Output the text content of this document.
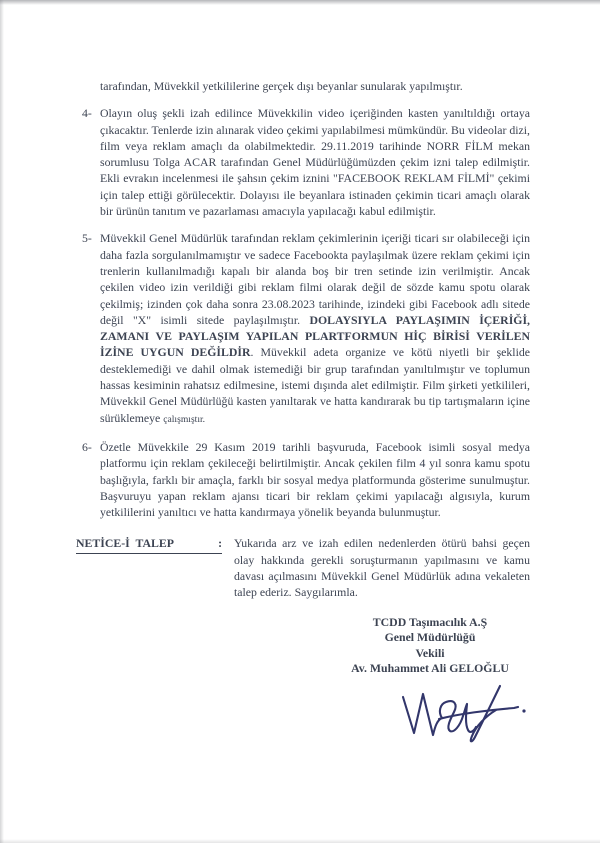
tarafından, Müvekkil yetkililerine gerçek dışı beyanlar sunularak yapılmıştır.

4- Olayın oluş şekli izah edilince Müvekkilin video içeriğinden kasten yanıltıldığı ortaya çıkacaktır. Tenlerde izin alınarak video çekimi yapılabilmesi mümkündür. Bu videolar dizi, film veya reklam amaçlı da olabilmektedir. 29.11.2019 tarihinde NORR FİLM mekan sorumlusu Tolga ACAR tarafından Genel Müdürlüğümüzden çekim izni talep edilmiştir. Ekli evrakın incelenmesi ile şahsın çekim iznini "FACEBOOK REKLAM FİLMİ" çekimi için talep ettiği görülecektir. Dolayısı ile beyanlara istinaden çekimin ticari amaçlı olarak bir ürünün tanıtım ve pazarlaması amacıyla yapılacağı kabul edilmiştir.
5- Müvekkil Genel Müdürlük tarafından reklam çekimlerinin içeriği ticari sır olabileceği için daha fazla sorgulanılmamıştır ve sadece Facebookta paylaşılmak üzere reklam çekimi için trenlerin kullanılmadığı kapalı bir alanda boş bir tren setinde izin verilmiştir. Ancak çekilen video izin verildiği gibi reklam filmi olarak değil de sözde kamu spotu olarak çekilmiş; izinden çok daha sonra 23.08.2023 tarihinde, izindeki gibi Facebook adlı sitede değil "X" isimli sitede paylaşılmıştır. DOLAYSIYLA PAYLAŞIMIN İÇERİĞİ, ZAMANI VE PAYLAŞIM YAPILAN PLARTFORMUN HİÇ BİRİSİ VERİLEN İZİNE UYGUN DEĞİLDİR. Müvekkil adeta organize ve kötü niyetli bir şeklide desteklemediği ve dahil olmak istemediği bir grup tarafından yanıltılmıştır ve toplumun hassas kesiminin rahatsız edilmesine, istemi dışında alet edilmiştir. Film şirketi yetkilileri, Müvekkil Genel Müdürlüğü kasten yanıltarak ve hatta kandırarak bu tip tartışmaların içine sürüklemeye çalışmıştır.
6- Özetle Müvekkile 29 Kasım 2019 tarihli başvuruda, Facebook isimli sosyal medya platformu için reklam çekileceği belirtilmiştir. Ancak çekilen film 4 yıl sonra kamu spotu başlığıyla, farklı bir amaçla, farklı bir sosyal medya platformunda gösterime sunulmuştur. Başvuruyu yapan reklam ajansı ticari bir reklam çekimi yapılacağı algısıyla, kurum yetkililerini yanıltıcı ve hatta kandırmaya yönelik beyanda bulunmuştur.
NETİCE-İ TALEP	: Yukarıda arz ve izah edilen nedenlerden ötürü bahsi geçen olay hakkında gerekli soruşturmanın yapılmasını ve kamu davası açılmasını Müvekkil Genel Müdürlük adına vekaleten talep ederiz. Saygılarımla.
TCDD Taşımacılık A.Ş
Genel Müdürlüğü
Vekili
Av. Muhammet Ali GELOĞLU
